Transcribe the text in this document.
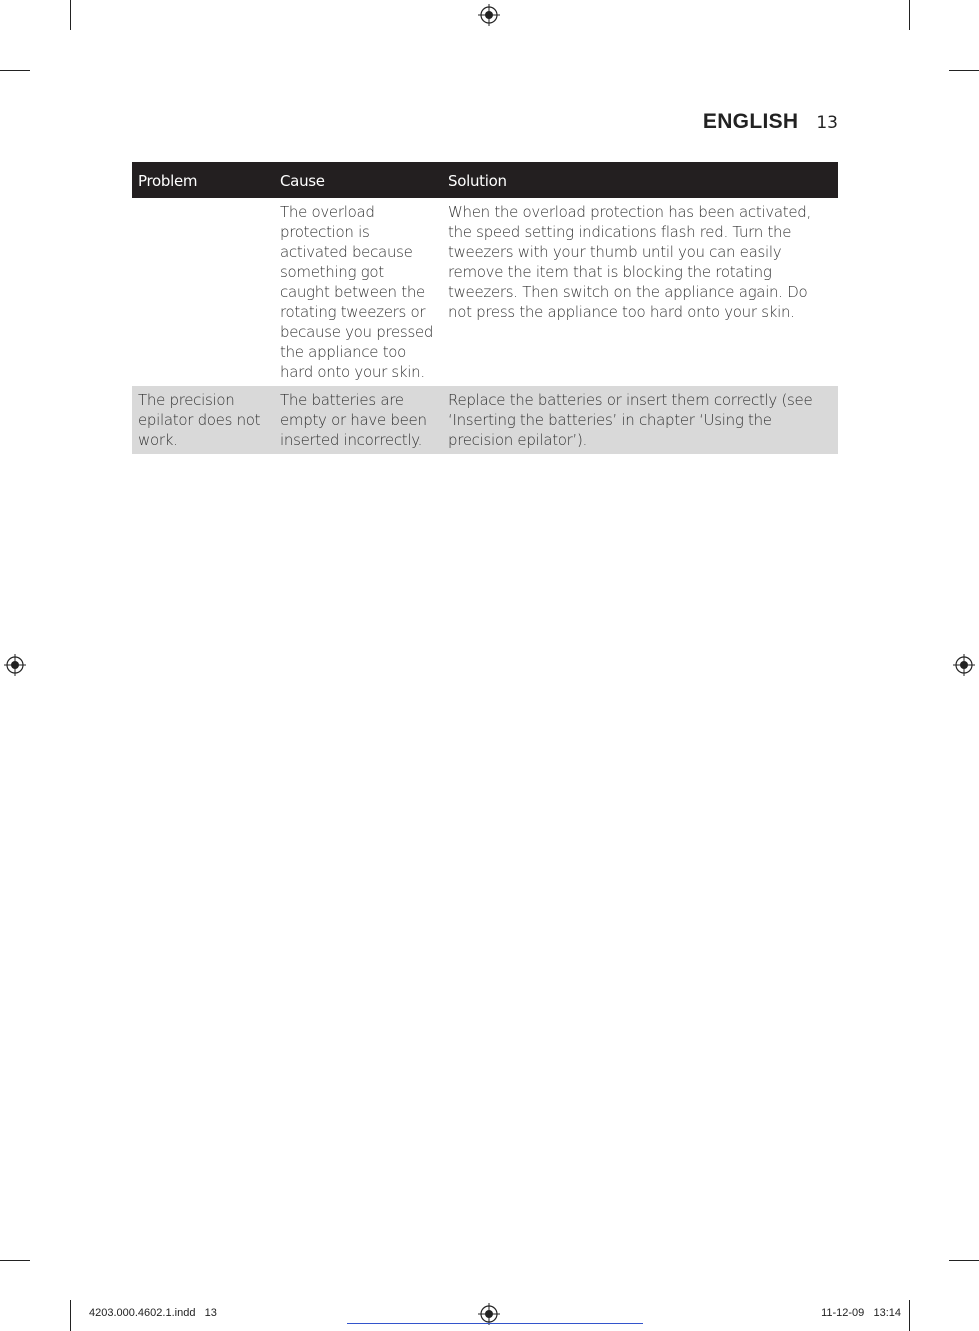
ENGLISH 13
Problem	Cause	Solution
	The overload protection is activated because something got caught between the rotating tweezers or because you pressed the appliance too hard onto your skin.	When the overload protection has been activated, the speed setting indications flash red. Turn the tweezers with your thumb until you can easily remove the item that is blocking the rotating tweezers. Then switch on the appliance again. Do not press the appliance too hard onto your skin.
The precision epilator does not work.	The batteries are empty or have been inserted incorrectly.	Replace the batteries or insert them correctly (see ‘Inserting the batteries’ in chapter ‘Using the precision epilator’).
4203.000.4602.1.indd   13	11-12-09   13:14
